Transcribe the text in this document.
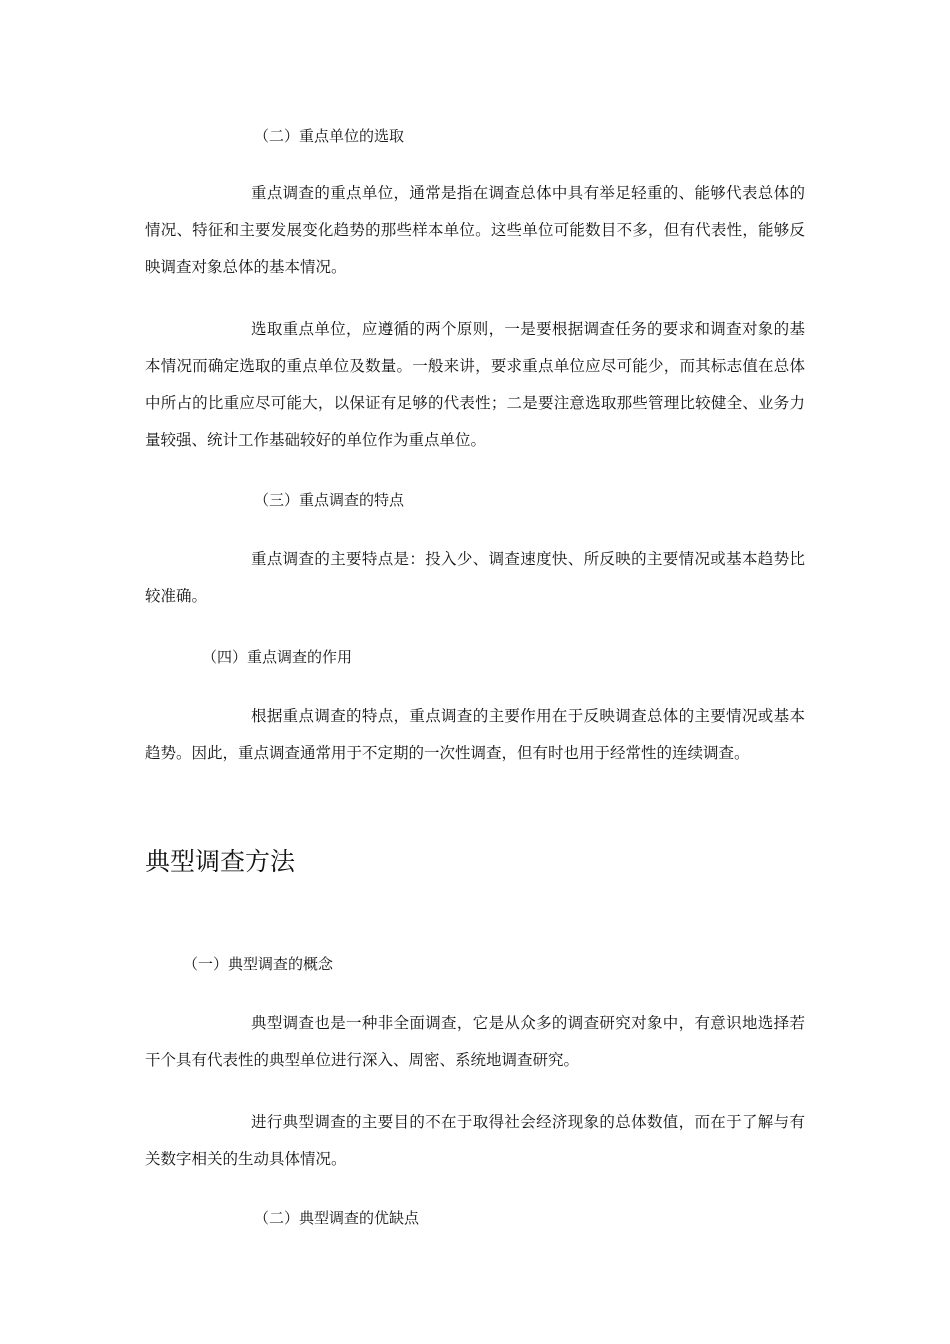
（二）重点单位的选取
重点调查的重点单位，通常是指在调查总体中具有举足轻重的、能够代表总体的情况、特征和主要发展变化趋势的那些样本单位。这些单位可能数目不多，但有代表性，能够反映调查对象总体的基本情况。
选取重点单位，应遵循的两个原则，一是要根据调查任务的要求和调查对象的基本情况而确定选取的重点单位及数量。一般来讲，要求重点单位应尽可能少，而其标志值在总体中所占的比重应尽可能大，以保证有足够的代表性；二是要注意选取那些管理比较健全、业务力量较强、统计工作基础较好的单位作为重点单位。
（三）重点调查的特点
重点调查的主要特点是：投入少、调查速度快、所反映的主要情况或基本趋势比较准确。
（四）重点调查的作用
根据重点调查的特点，重点调查的主要作用在于反映调查总体的主要情况或基本趋势。因此，重点调查通常用于不定期的一次性调查，但有时也用于经常性的连续调查。
典型调查方法
（一）典型调查的概念
典型调查也是一种非全面调查，它是从众多的调查研究对象中，有意识地选择若干个具有代表性的典型单位进行深入、周密、系统地调查研究。
进行典型调查的主要目的不在于取得社会经济现象的总体数值，而在于了解与有关数字相关的生动具体情况。
（二）典型调查的优缺点
